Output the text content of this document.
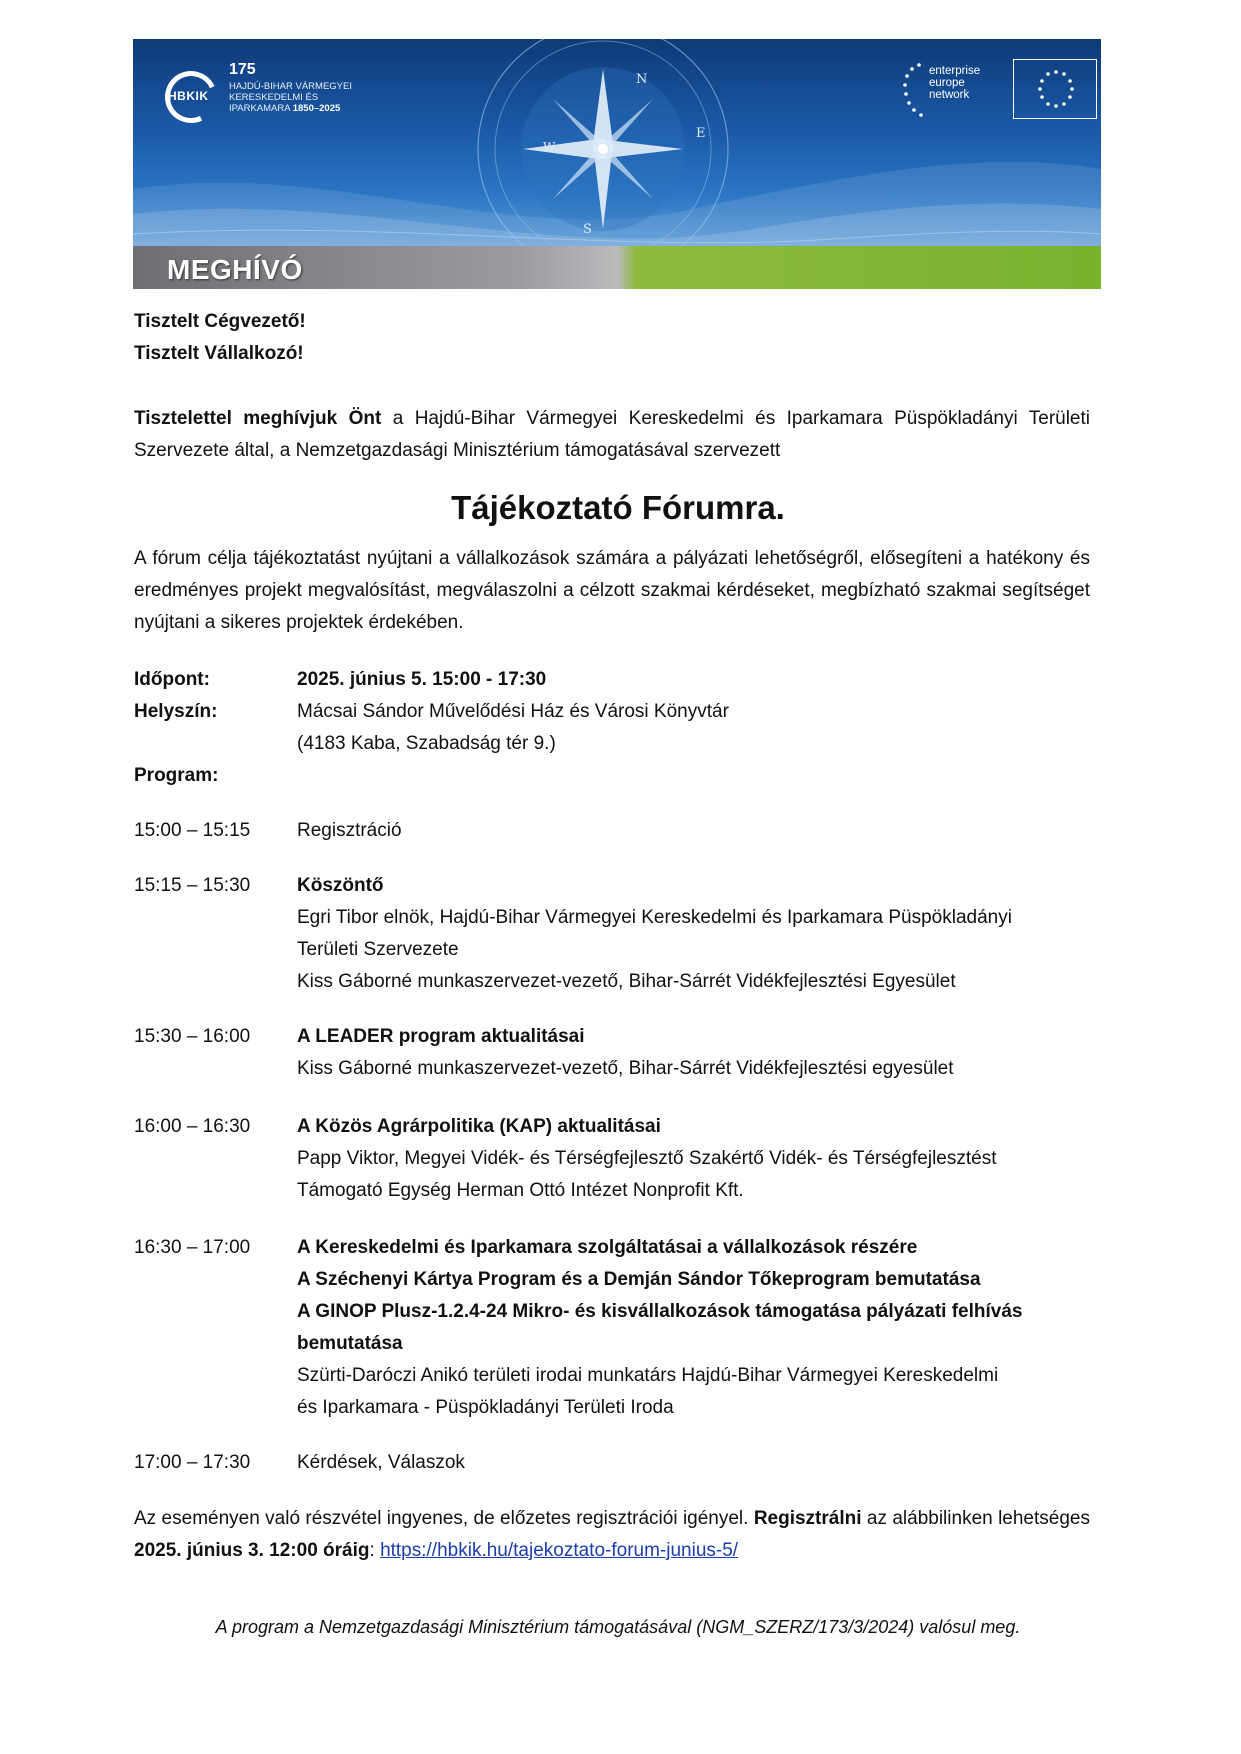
N
E
S
W
HBKIK
175
HAJDÚ-BIHAR VÁRMEGYEI
KERESKEDELMI ÉS
IPARKAMARA 1850–2025
enterprise
europe
network
MEGHÍVÓ
Tisztelt Cégvezető!
Tisztelt Vállalkozó!
Tisztelettel meghívjuk Önt a Hajdú-Bihar Vármegyei Kereskedelmi és Iparkamara Püspökladányi Területi Szervezete által, a Nemzetgazdasági Minisztérium támogatásával szervezett
Tájékoztató Fórumra.
A fórum célja tájékoztatást nyújtani a vállalkozások számára a pályázati lehetőségről, elősegíteni a hatékony és eredményes projekt megvalósítást, megválaszolni a célzott szakmai kérdéseket, megbízható szakmai segítséget nyújtani a sikeres projektek érdekében.
Időpont:	2025. június 5. 15:00 - 17:30
Helyszín:	Mácsai Sándor Művelődési Ház és Városi Könyvtár
(4183 Kaba, Szabadság tér 9.)
Program:
15:00 – 15:15	Regisztráció
15:15 – 15:30	Köszöntő
Egri Tibor elnök, Hajdú-Bihar Vármegyei Kereskedelmi és Iparkamara Püspökladányi
Területi Szervezete
Kiss Gáborné munkaszervezet-vezető, Bihar-Sárrét Vidékfejlesztési Egyesület
15:30 – 16:00	A LEADER program aktualitásai
Kiss Gáborné munkaszervezet-vezető, Bihar-Sárrét Vidékfejlesztési egyesület
16:00 – 16:30	A Közös Agrárpolitika (KAP) aktualitásai
Papp Viktor, Megyei Vidék- és Térségfejlesztő Szakértő Vidék- és Térségfejlesztést
Támogató Egység Herman Ottó Intézet Nonprofit Kft.
16:30 – 17:00	A Kereskedelmi és Iparkamara szolgáltatásai a vállalkozások részére
A Széchenyi Kártya Program és a Demján Sándor Tőkeprogram bemutatása
A GINOP Plusz-1.2.4-24 Mikro- és kisvállalkozások támogatása pályázati felhívás
bemutatása
Szürti-Daróczi Anikó területi irodai munkatárs Hajdú-Bihar Vármegyei Kereskedelmi
és Iparkamara - Püspökladányi Területi Iroda
17:00 – 17:30	Kérdések, Válaszok
Az eseményen való részvétel ingyenes, de előzetes regisztrációi igényel. Regisztrálni az alábbilinken lehetséges 2025. június 3. 12:00 óráig: https://hbkik.hu/tajekoztato-forum-junius-5/
A program a Nemzetgazdasági Minisztérium támogatásával (NGM_SZERZ/173/3/2024) valósul meg.
